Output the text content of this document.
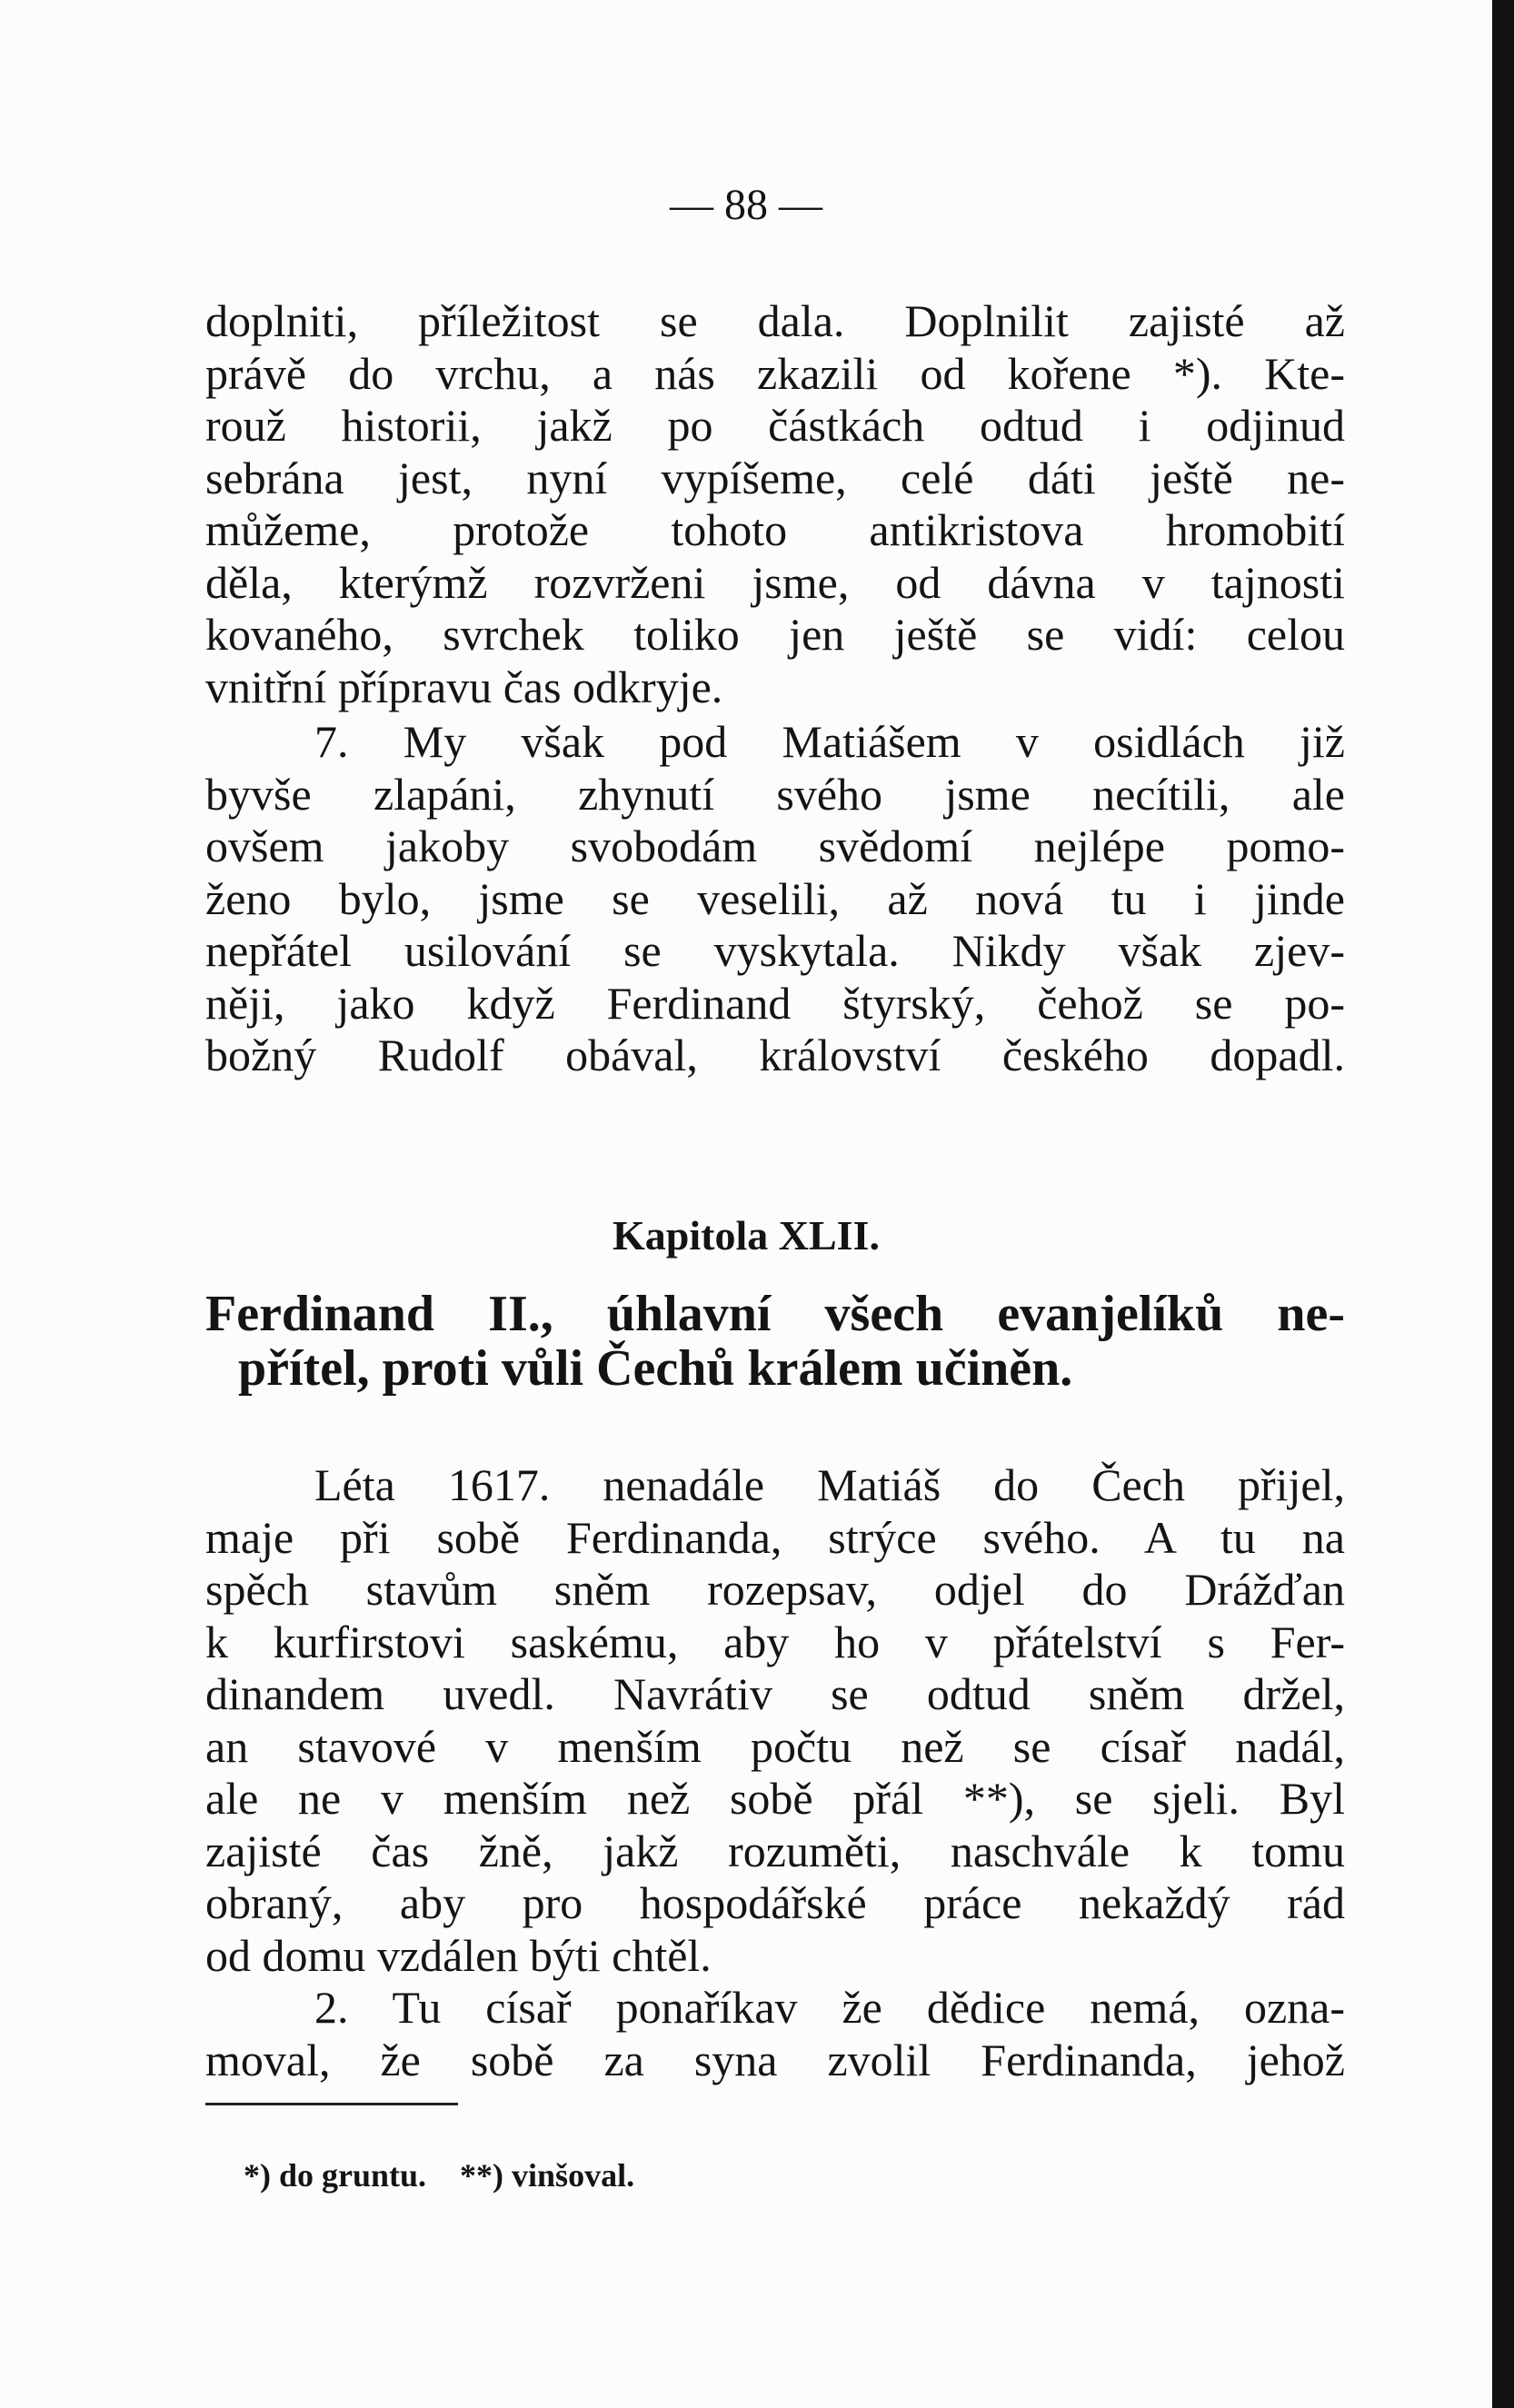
— 88 —
doplniti, příležitost se dala. Doplnilit zajisté až
právě do vrchu, a nás zkazili od kořene *). Kte-
rouž historii, jakž po částkách odtud i odjinud
sebrána jest, nyní vypíšeme, celé dáti ještě ne-
můžeme, protože tohoto antikristova hromobití
děla, kterýmž rozvrženi jsme, od dávna v tajnosti
kovaného, svrchek toliko jen ještě se vidí: celou
vnitřní přípravu čas odkryje.
7. My však pod Matiášem v osidlách již
byvše zlapáni, zhynutí svého jsme necítili, ale
ovšem jakoby svobodám svědomí nejlépe pomo-
ženo bylo, jsme se veselili, až nová tu i jinde
nepřátel usilování se vyskytala. Nikdy však zjev-
něji, jako když Ferdinand štyrský, čehož se po-
božný Rudolf obával, království českého dopadl.
Kapitola XLII.
Ferdinand II., úhlavní všech evanjelíků ne-
přítel, proti vůli Čechů králem učiněn.
Léta 1617. nenadále Matiáš do Čech přijel,
maje při sobě Ferdinanda, strýce svého. A tu na
spěch stavům sněm rozepsav, odjel do Drážďan
k kurfirstovi saskému, aby ho v přátelství s Fer-
dinandem uvedl. Navrátiv se odtud sněm držel,
an stavové v menším počtu než se císař nadál,
ale ne v menším než sobě přál **), se sjeli. Byl
zajisté čas žně, jakž rozuměti, naschvále k tomu
obraný, aby pro hospodářské práce nekaždý rád
od domu vzdálen býti chtěl.
2. Tu císař ponaříkav že dědice nemá, ozna-
moval, že sobě za syna zvolil Ferdinanda, jehož
*) do gruntu. **) vinšoval.
